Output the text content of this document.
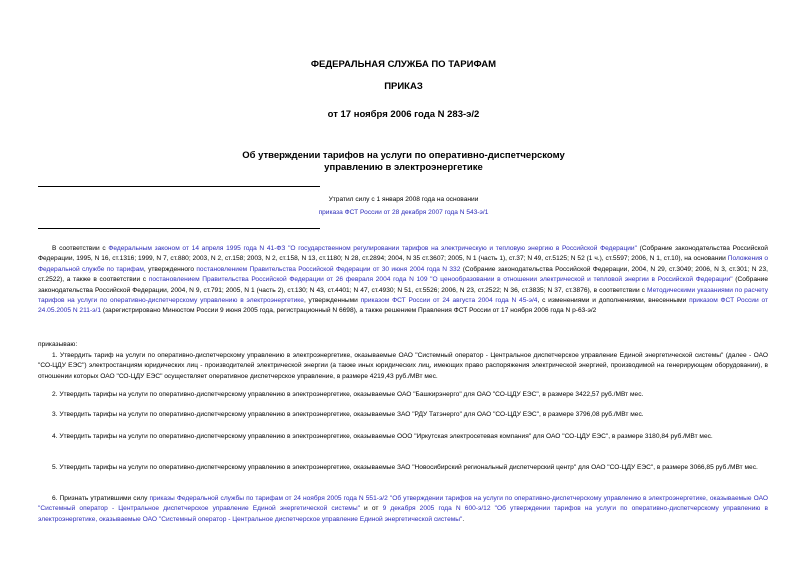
ФЕДЕРАЛЬНАЯ СЛУЖБА ПО ТАРИФАМ
ПРИКАЗ
от 17 ноября 2006 года N 283-э/2
Об утверждении тарифов на услуги по оперативно-диспетчерскому
управлению в электроэнергетике
Утратил силу с 1 января 2008 года на основании
приказа ФСТ России от 28 декабря 2007 года N 543-э/1
В соответствии с Федеральным законом от 14 апреля 1995 года N 41-ФЗ "О государственном регулировании тарифов на электрическую и тепловую энергию в Российской Федерации" (Собрание законодательства Российской Федерации, 1995, N 16, ст.1316; 1999, N 7, ст.880; 2003, N 2, ст.158; 2003, N 2, ст.158, N 13, ст.1180; N 28, ст.2894; 2004, N 35 ст.3607; 2005, N 1 (часть 1), ст.37; N 49, ст.5125; N 52 (1 ч.), ст.5597; 2006, N 1, ст.10), на основании Положения о Федеральной службе по тарифам, утвержденного постановлением Правительства Российской Федерации от 30 июня 2004 года N 332 (Собрание законодательства Российской Федерации, 2004, N 29, ст.3049; 2006, N 3, ст.301; N 23, ст.2522), а также в соответствии с постановлением Правительства Российской Федерации от 26 февраля 2004 года N 109 "О ценообразовании в отношении электрической и тепловой энергии в Российской Федерации" (Собрание законодательства Российской Федерации, 2004, N 9, ст.791; 2005, N 1 (часть 2), ст.130; N 43, ст.4401; N 47, ст.4930; N 51, ст.5526; 2006, N 23, ст.2522; N 36, ст.3835; N 37, ст.3876), в соответствии с Методическими указаниями по расчету тарифов на услуги по оперативно-диспетчерскому управлению в электроэнергетике, утвержденными приказом ФСТ России от 24 августа 2004 года N 45-э/4, с изменениями и дополнениями, внесенными приказом ФСТ России от 24.05.2005 N 211-э/1 (зарегистрировано Минюстом России 9 июня 2005 года, регистрационный N 6698), а также решением Правления ФСТ России от 17 ноября 2006 года N р-63-э/2
приказываю:
1. Утвердить тариф на услуги по оперативно-диспетчерскому управлению в электроэнергетике, оказываемые ОАО "Системный оператор - Центральное диспетчерское управление Единой энергетической системы" (далее - ОАО "СО-ЦДУ ЕЭС") электростанциям юридических лиц - производителей электрической энергии (а также иных юридических лиц, имеющих право распоряжения электрической энергией, производимой на генерирующем оборудовании), в отношении которых ОАО "СО-ЦДУ ЕЭС" осуществляет оперативное диспетчерское управление, в размере 4219,43 руб./МВт мес.
2. Утвердить тарифы на услуги по оперативно-диспетчерскому управлению в электроэнергетике, оказываемые ОАО "Башкирэнерго" для ОАО "СО-ЦДУ ЕЭС", в размере 3422,57 руб./МВт мес.
3. Утвердить тарифы на услуги по оперативно-диспетчерскому управлению в электроэнергетике, оказываемые ЗАО "РДУ Татэнерго" для ОАО "СО-ЦДУ ЕЭС", в размере 3796,08 руб./МВт мес.
4. Утвердить тарифы на услуги по оперативно-диспетчерскому управлению в электроэнергетике, оказываемые ООО "Иркутская электросетевая компания" для ОАО "СО-ЦДУ ЕЭС", в размере 3180,84 руб./МВт мес.
5. Утвердить тарифы на услуги по оперативно-диспетчерскому управлению в электроэнергетике, оказываемые ЗАО "Новосибирский региональный диспетчерский центр" для ОАО "СО-ЦДУ ЕЭС", в размере 3066,85 руб./МВт мес.
6. Признать утратившими силу приказы Федеральной службы по тарифам от 24 ноября 2005 года N 551-э/2 "Об утверждении тарифов на услуги по оперативно-диспетчерскому управлению в электроэнергетике, оказываемые ОАО "Системный оператор - Центральное диспетчерское управление Единой энергетической системы" и от 9 декабря 2005 года N 600-э/12 "Об утверждении тарифов на услуги по оперативно-диспетчерскому управлению в электроэнергетике, оказываемые ОАО "Системный оператор - Центральное диспетчерское управление Единой энергетической системы".
